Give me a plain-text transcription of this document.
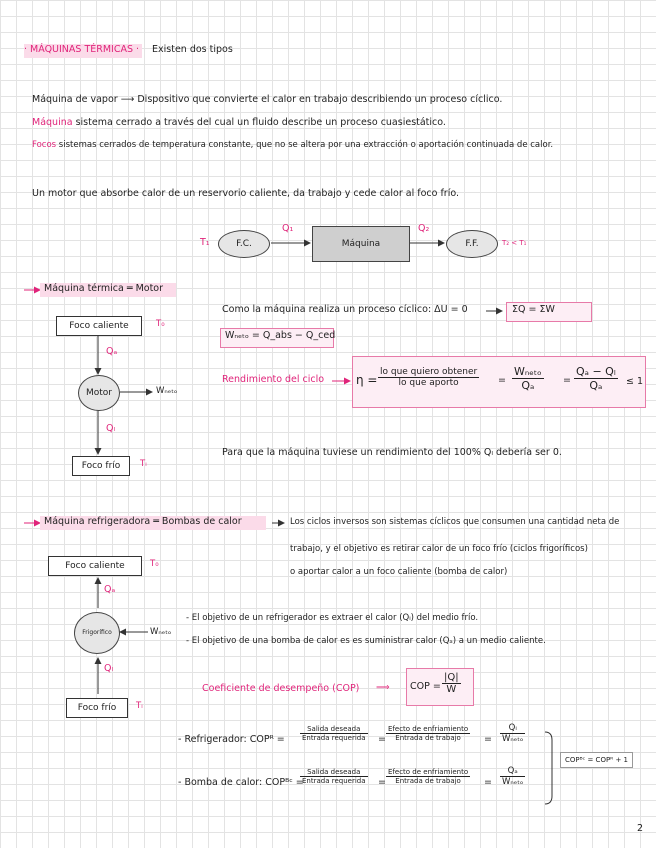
· MÁQUINAS TÉRMICAS · Existen dos tipos
Máquina de vapor ⟶ Dispositivo que convierte el calor en trabajo describiendo un proceso cíclico.
Máquina sistema cerrado a través del cual un fluido describe un proceso cuasiestático.
Focos sistemas cerrados de temperatura constante, que no se altera por una extracción o aportación continuada de calor.
Un motor que absorbe calor de un reservorio caliente, da trabajo y cede calor al foco frío.
T₁	F.C.
Q₁
Máquina
Q₂
F.F.	T₂ < T₁
Máquina térmica ═ Motor
Foco caliente	T₀
Qₐ
Motor	Wₙₑₜₒ
Qₗ
Foco frío	Tₗ
Como la máquina realiza un proceso cíclico: ΔU = 0	ΣQ = ΣW
Wₙₑₜₒ = Q_abs − Q_ced
Rendimiento del ciclo	η =
lo que quiero obtener
lo que aporto	=
Wₙₑₜₒ
Qₐ	= $\frac{\text{Qₐ − Qₗ}}{\text{Qₐ}} \le 1$
Para que la máquina tuviese un rendimiento del 100% Qₗ debería ser 0.
Máquina refrigeradora ═ Bombas de calor	Los ciclos inversos son sistemas cíclicos que consumen una cantidad neta de
trabajo, y el objetivo es retirar calor de un foco frío (ciclos frigoríficos)
o aportar calor a un foco caliente (bomba de calor)
Foco caliente	T₀
Qₐ
Frigorífico	Wₙₑₜₒ
Qₗ
Foco frío	Tₗ
- El objetivo de un refrigerador es extraer el calor (Qₗ) del medio frío.
- El objetivo de una bomba de calor es es suministrar calor (Qₐ) a un medio caliente.
Coeficiente de desempeño (COP) ⟹ COP = $\frac{|Q|}{W}$
- Refrigerador: COPᴿ =
Salida deseada
Entrada requerida =
Efecto de enfriamiento
Entrada de trabajo	=
Qₗ
Wₙₑₜₒ
- Bomba de calor: COPᴮᶜ =
Salida deseada
Entrada requerida =
Efecto de enfriamiento
Entrada de trabajo	=
Qₐ
Wₙₑₜₒ
COPᴮᶜ = COPᴿ + 1
2
